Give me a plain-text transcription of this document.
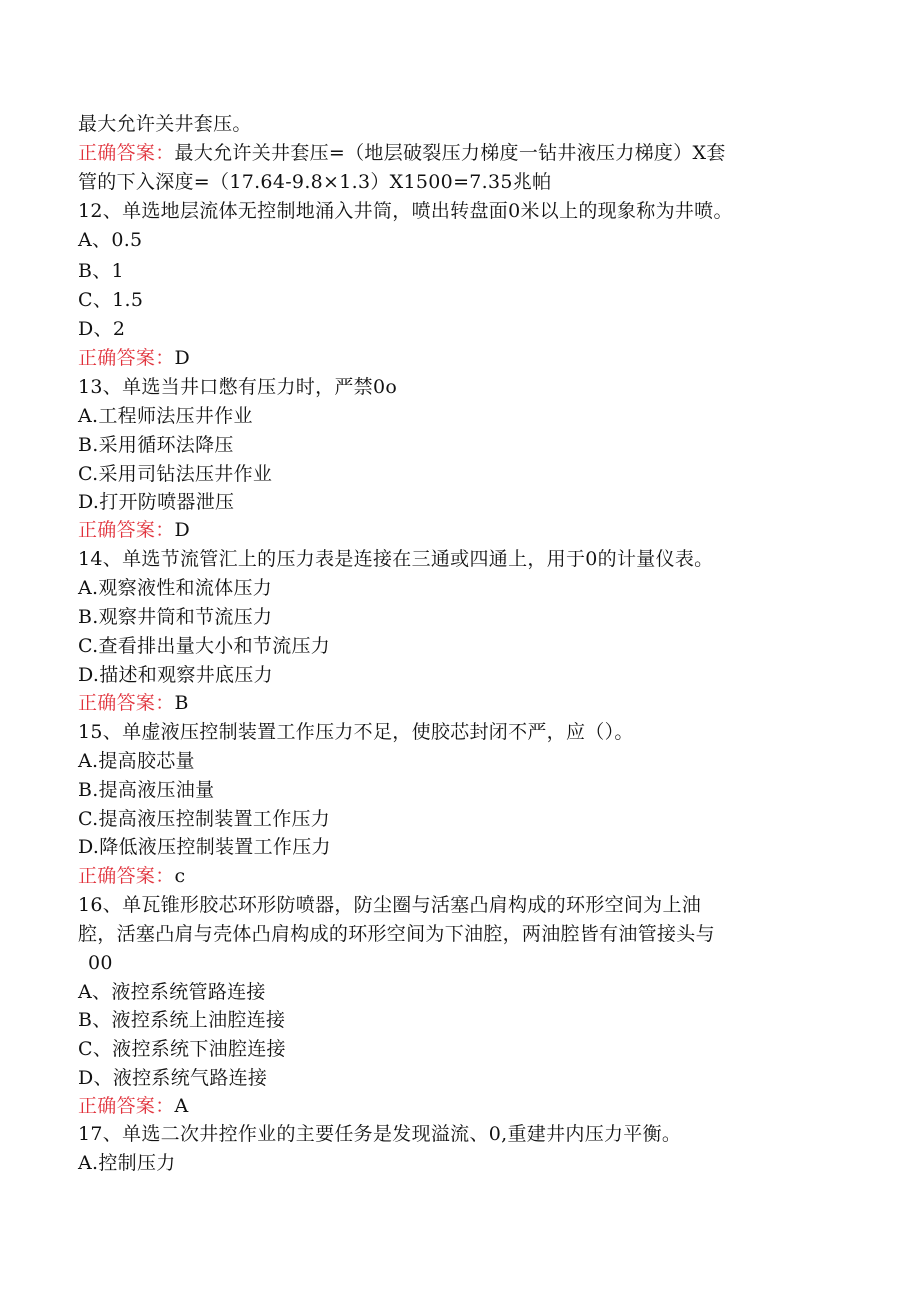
最大允许关井套压。
正确答案：最大允许关井套压=（地层破裂压力梯度一钻井液压力梯度）X套
管的下入深度=（17.64-9.8×1.3）X1500=7.35兆帕
12、单选地层流体无控制地涌入井筒，喷出转盘面0米以上的现象称为井喷。
A、0.5
B、1
C、1.5
D、2
正确答案：D
13、单选当井口憋有压力时，严禁0o
A.工程师法压井作业
B.采用循环法降压
C.采用司钻法压井作业
D.打开防喷器泄压
正确答案：D
14、单选节流管汇上的压力表是连接在三通或四通上，用于0的计量仪表。
A.观察液性和流体压力
B.观察井筒和节流压力
C.查看排出量大小和节流压力
D.描述和观察井底压力
正确答案：B
15、单虚液压控制装置工作压力不足，使胶芯封闭不严，应（）。
A.提高胶芯量
B.提高液压油量
C.提高液压控制装置工作压力
D.降低液压控制装置工作压力
正确答案：c
16、单瓦锥形胶芯环形防喷器，防尘圈与活塞凸肩构成的环形空间为上油
腔，活塞凸肩与壳体凸肩构成的环形空间为下油腔，两油腔皆有油管接头与
00
A、液控系统管路连接
B、液控系统上油腔连接
C、液控系统下油腔连接
D、液控系统气路连接
正确答案：A
17、单选二次井控作业的主要任务是发现溢流、0,重建井内压力平衡。
A.控制压力
